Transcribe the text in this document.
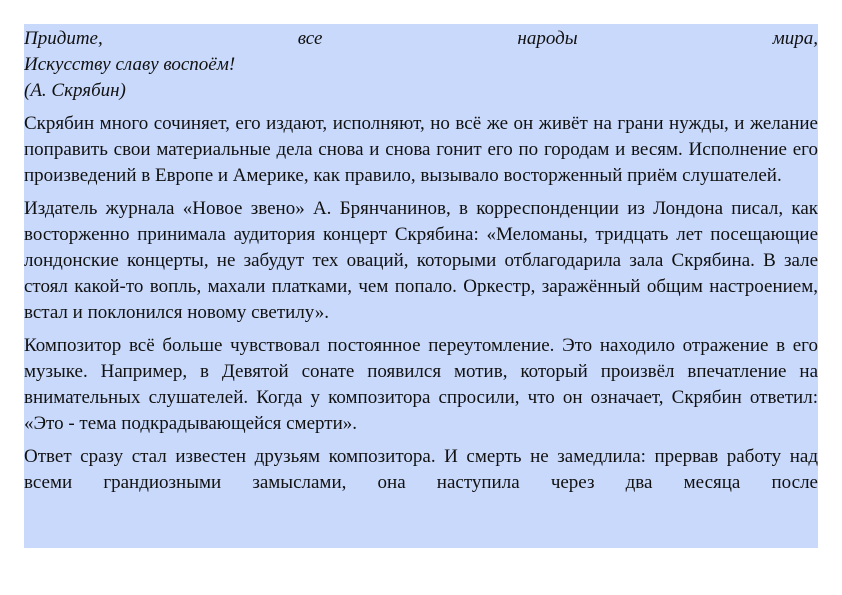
Придите, все народы мира,

Искусству славу воспоём!

(А. Скрябин)

Скрябин много сочиняет, его издают, исполняют, но всё же он живёт на грани нужды, и желание поправить свои материальные дела снова и снова гонит его по городам и весям. Исполнение его произведений в Европе и Америке, как правило, вызывало восторженный приём слушателей.

Издатель журнала «Новое звено» А. Брянчанинов, в корреспонденции из Лондона писал, как восторженно принимала аудитория концерт Скрябина: «Меломаны, тридцать лет посещающие лондонские концерты, не забудут тех оваций, которыми отблагодарила зала Скрябина. В зале стоял какой-то вопль, махали платками, чем попало. Оркестр, заражённый общим настроением, встал и поклонился новому светилу».

Композитор всё больше чувствовал постоянное переутомление. Это находило отражение в его музыке. Например, в Девятой сонате появился мотив, который произвёл впечатление на внимательных слушателей. Когда у композитора спросили, что он означает, Скрябин ответил: «Это - тема подкрадывающейся смерти».

Ответ сразу стал известен друзьям композитора. И смерть не замедлила: прервав работу над всеми грандиозными замыслами, она наступила через два месяца после
